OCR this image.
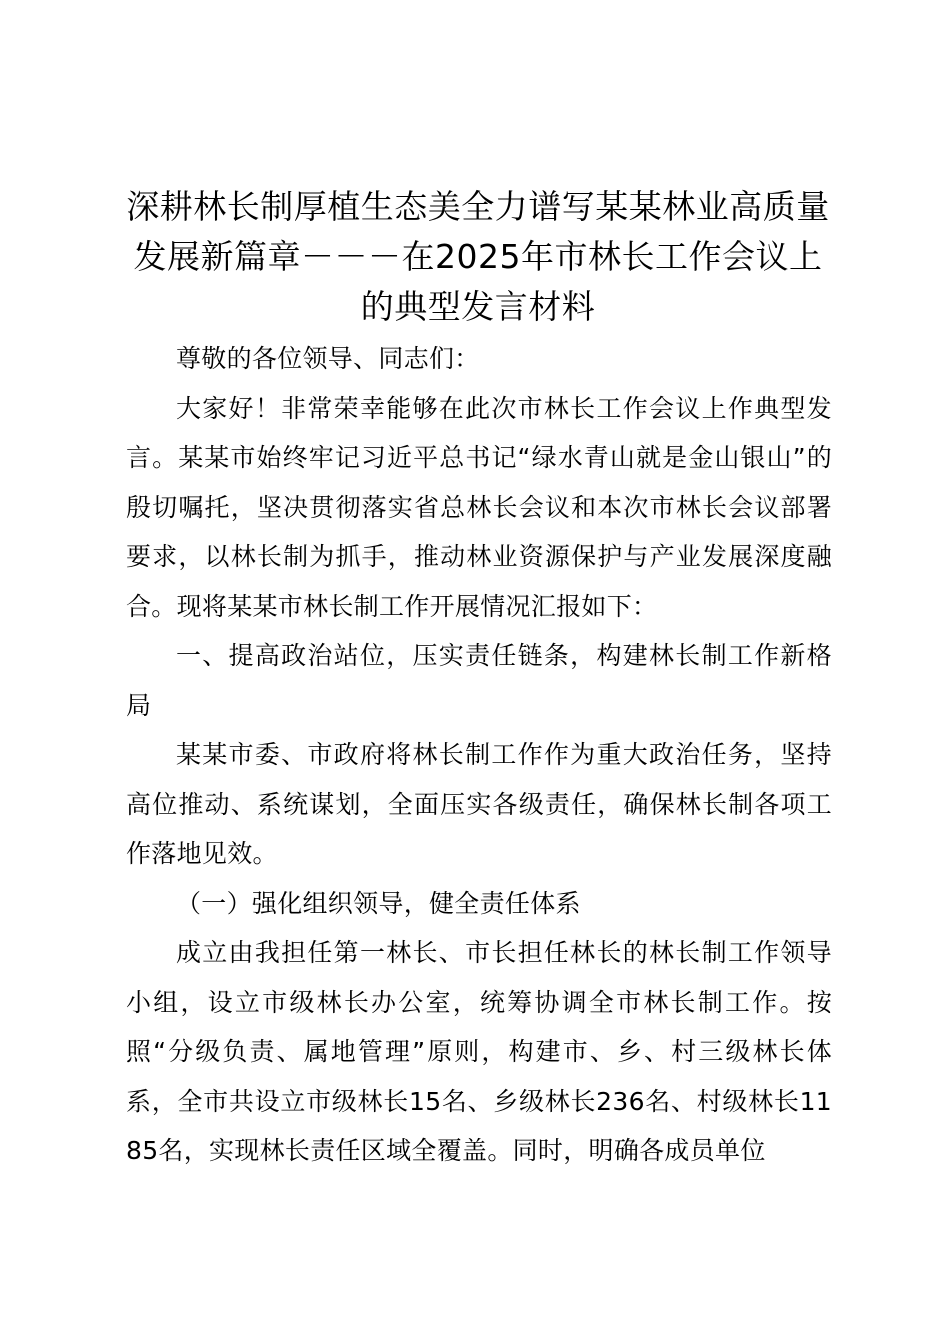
深耕林长制厚植生态美全力谱写某某林业高质量发展新篇章－－－在2025年市林长工作会议上的典型发言材料

尊敬的各位领导、同志们：

大家好！非常荣幸能够在此次市林长工作会议上作典型发言。某某市始终牢记习近平总书记“绿水青山就是金山银山”的殷切嘱托，坚决贯彻落实省总林长会议和本次市林长会议部署要求，以林长制为抓手，推动林业资源保护与产业发展深度融合。现将某某市林长制工作开展情况汇报如下：

一、提高政治站位，压实责任链条，构建林长制工作新格局

某某市委、市政府将林长制工作作为重大政治任务，坚持高位推动、系统谋划，全面压实各级责任，确保林长制各项工作落地见效。

（一）强化组织领导，健全责任体系

成立由我担任第一林长、市长担任林长的林长制工作领导小组，设立市级林长办公室，统筹协调全市林长制工作。按照“分级负责、属地管理”原则，构建市、乡、村三级林长体系，全市共设立市级林长15名、乡级林长236名、村级林长1185名，实现林长责任区域全覆盖。同时，明确各成员单位
